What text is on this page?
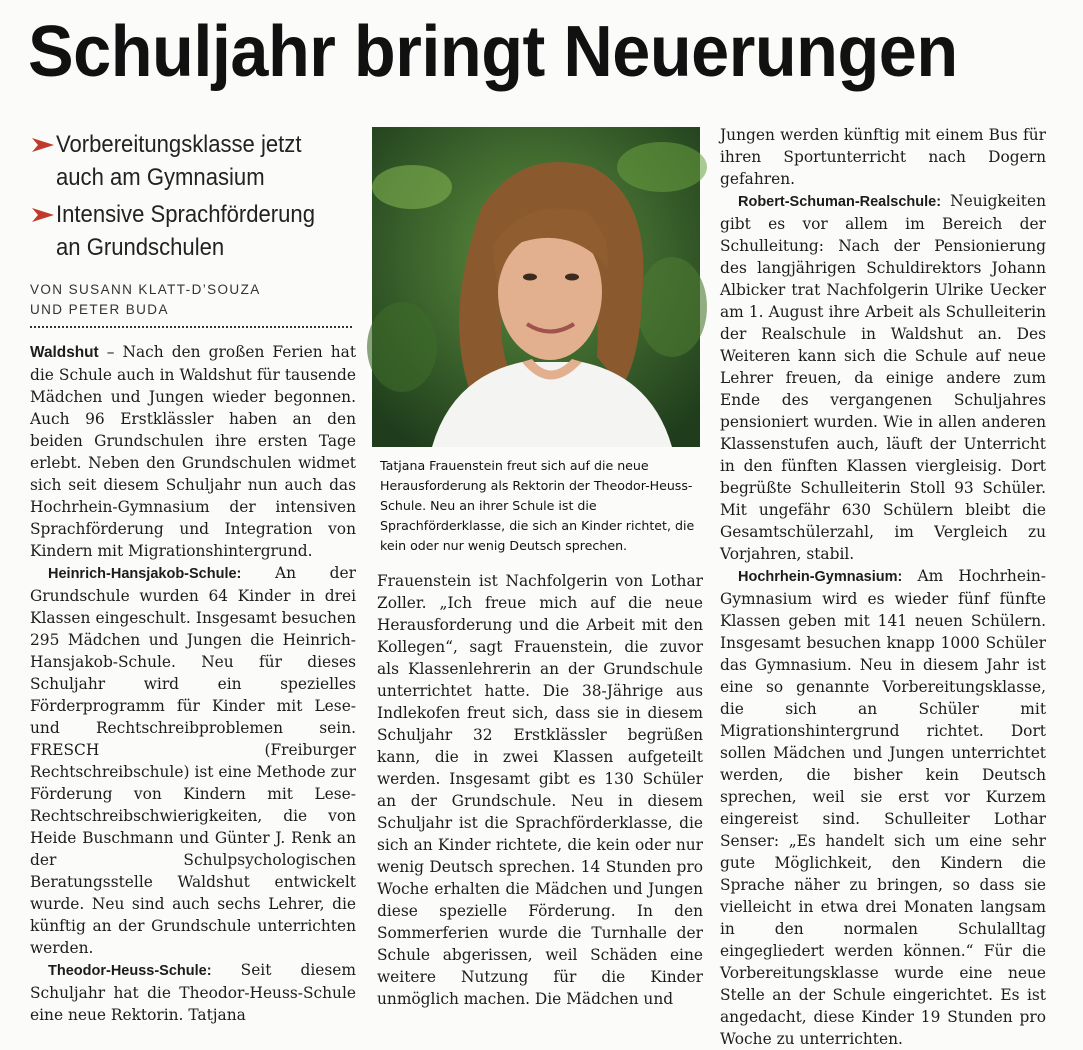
Schuljahr bringt Neuerungen
Vorbereitungsklasse jetzt
auch am Gymnasium
Intensive Sprachförderung
an Grundschulen
VON SUSANN KLATT-D’SOUZA
UND PETER BUDA

Waldshut – Nach den großen Ferien hat die Schule auch in Waldshut für tausende Mädchen und Jungen wieder begonnen. Auch 96 Erstklässler haben an den beiden Grundschulen ihre ersten Tage erlebt. Neben den Grundschulen widmet sich seit diesem Schuljahr nun auch das Hochrhein-Gymnasium der intensiven Sprachförderung und Integration von Kindern mit Migrationshintergrund.

Heinrich-Hansjakob-Schule: An der Grundschule wurden 64 Kinder in drei Klassen eingeschult. Insgesamt besuchen 295 Mädchen und Jungen die Heinrich-Hansjakob-Schule. Neu für dieses Schuljahr wird ein spezielles Förderprogramm für Kinder mit Lese- und Rechtschreibproblemen sein. FRESCH (Freiburger Rechtschreibschule) ist eine Methode zur Förderung von Kindern mit Lese-Rechtschreibschwierigkeiten, die von Heide Buschmann und Günter J. Renk an der Schulpsychologischen Beratungsstelle Waldshut entwickelt wurde. Neu sind auch sechs Lehrer, die künftig an der Grundschule unterrichten werden.

Theodor-Heuss-Schule: Seit diesem Schuljahr hat die Theodor-Heuss-Schule eine neue Rektorin. Tatjana

Tatjana Frauenstein freut sich auf die neue Herausforderung als Rektorin der Theodor-Heuss-Schule. Neu an ihrer Schule ist die Sprachförderklasse, die sich an Kinder richtet, die kein oder nur wenig Deutsch sprechen.

Frauenstein ist Nachfolgerin von Lothar Zoller. „Ich freue mich auf die neue Herausforderung und die Arbeit mit den Kollegen“, sagt Frauenstein, die zuvor als Klassenlehrerin an der Grundschule unterrichtet hatte. Die 38-Jährige aus Indlekofen freut sich, dass sie in diesem Schuljahr 32 Erstklässler begrüßen kann, die in zwei Klassen aufgeteilt werden. Insgesamt gibt es 130 Schüler an der Grundschule. Neu in diesem Schuljahr ist die Sprachförderklasse, die sich an Kinder richtete, die kein oder nur wenig Deutsch sprechen. 14 Stunden pro Woche erhalten die Mädchen und Jungen diese spezielle Förderung. In den Sommerferien wurde die Turnhalle der Schule abgerissen, weil Schäden eine weitere Nutzung für die Kinder unmöglich machen. Die Mädchen und

Jungen werden künftig mit einem Bus für ihren Sportunterricht nach Dogern gefahren.

Robert-Schuman-Realschule: Neuigkeiten gibt es vor allem im Bereich der Schulleitung: Nach der Pensionierung des langjährigen Schuldirektors Johann Albicker trat Nachfolgerin Ulrike Uecker am 1. August ihre Arbeit als Schulleiterin der Realschule in Waldshut an. Des Weiteren kann sich die Schule auf neue Lehrer freuen, da einige andere zum Ende des vergangenen Schuljahres pensioniert wurden. Wie in allen anderen Klassenstufen auch, läuft der Unterricht in den fünften Klassen viergleisig. Dort begrüßte Schulleiterin Stoll 93 Schüler. Mit ungefähr 630 Schülern bleibt die Gesamtschülerzahl, im Vergleich zu Vorjahren, stabil.

Hochrhein-Gymnasium: Am Hochrhein-Gymnasium wird es wieder fünf fünfte Klassen geben mit 141 neuen Schülern. Insgesamt besuchen knapp 1000 Schüler das Gymnasium. Neu in diesem Jahr ist eine so genannte Vorbereitungsklasse, die sich an Schüler mit Migrationshintergrund richtet. Dort sollen Mädchen und Jungen unterrichtet werden, die bisher kein Deutsch sprechen, weil sie erst vor Kurzem eingereist sind. Schulleiter Lothar Senser: „Es handelt sich um eine sehr gute Möglichkeit, den Kindern die Sprache näher zu bringen, so dass sie vielleicht in etwa drei Monaten langsam in den normalen Schulalltag eingegliedert werden können.“ Für die Vorbereitungsklasse wurde eine neue Stelle an der Schule eingerichtet. Es ist angedacht, diese Kinder 19 Stunden pro Woche zu unterrichten.
